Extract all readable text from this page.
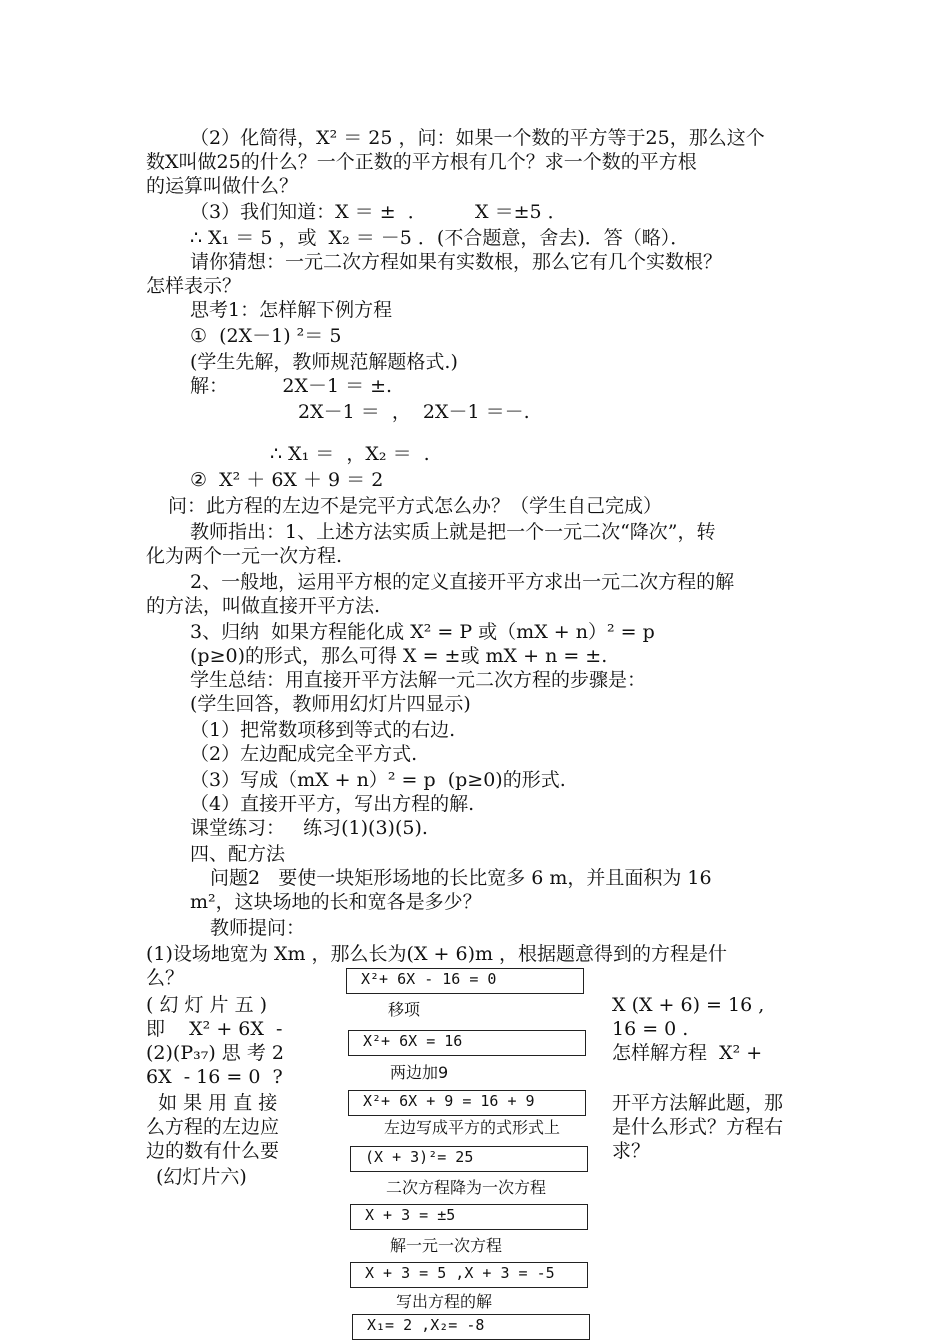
（2）化简得，X² ＝ 25 ，问：如果一个数的平方等于25，那么这个
数X叫做25的什么？一个正数的平方根有几个？求一个数的平方根
的运算叫做什么？
（3）我们知道：X ＝ ±  ．        X ＝±5 ．
∴ X₁ ＝ 5 ，或  X₂ ＝ －5 ．(不合题意，舍去)．答（略）．
请你猜想：一元二次方程如果有实数根，那么它有几个实数根？
怎样表示？
思考1：怎样解下例方程
①  (2X－1) ²＝ 5
(学生先解，教师规范解题格式.)
解：         2X－1 ＝ ±.
2X－1 ＝  ，  2X－1 ＝－.
∴ X₁ ＝  ，X₂ ＝  .
②  X² ＋ 6X ＋ 9 ＝ 2
问：此方程的左边不是完平方式怎么办？（学生自己完成）
教师指出：1、上述方法实质上就是把一个一元二次“降次”，转
化为两个一元一次方程.
2、一般地，运用平方根的定义直接开平方求出一元二次方程的解
的方法，叫做直接开平方法.
3、归纳  如果方程能化成 X² = P 或（mX + n）² = p
(p≥0)的形式，那么可得 X = ±或 mX + n = ±.
学生总结：用直接开平方法解一元二次方程的步骤是：
(学生回答，教师用幻灯片四显示)
（1）把常数项移到等式的右边.
（2）左边配成完全平方式.
（3）写成（mX + n）² = p  (p≥0)的形式.
（4）直接开平方，写出方程的解.
课堂练习：   练习(1)(3)(5).
四、配方法
问题2   要使一块矩形场地的长比宽多 6 m，并且面积为 16
m²，这块场地的长和宽各是多少？
教师提问：
(1)设场地宽为 Xm ，那么长为(X + 6)m ，根据题意得到的方程是什
么？
( 幻 灯 片 五 )
即    X² + 6X  -
(2)(P₃₇) 思 考 2
6X  - 16 = 0  ?
如 果 用 直 接
么方程的左边应
边的数有什么要
(幻灯片六)
X (X + 6) = 16 ,
16 = 0 .
怎样解方程  X² +
开平方法解此题，那
是什么形式？方程右
求？
X²+ 6X - 16 = 0
移项
X²+ 6X = 16
两边加9
X²+ 6X + 9 = 16 + 9
左边写成平方的式形式上
(X + 3)²= 25
二次方程降为一次方程
X + 3 = ±5
解一元一次方程
X + 3 = 5 ,X + 3 = -5
写出方程的解
X₁= 2 ,X₂= -8
